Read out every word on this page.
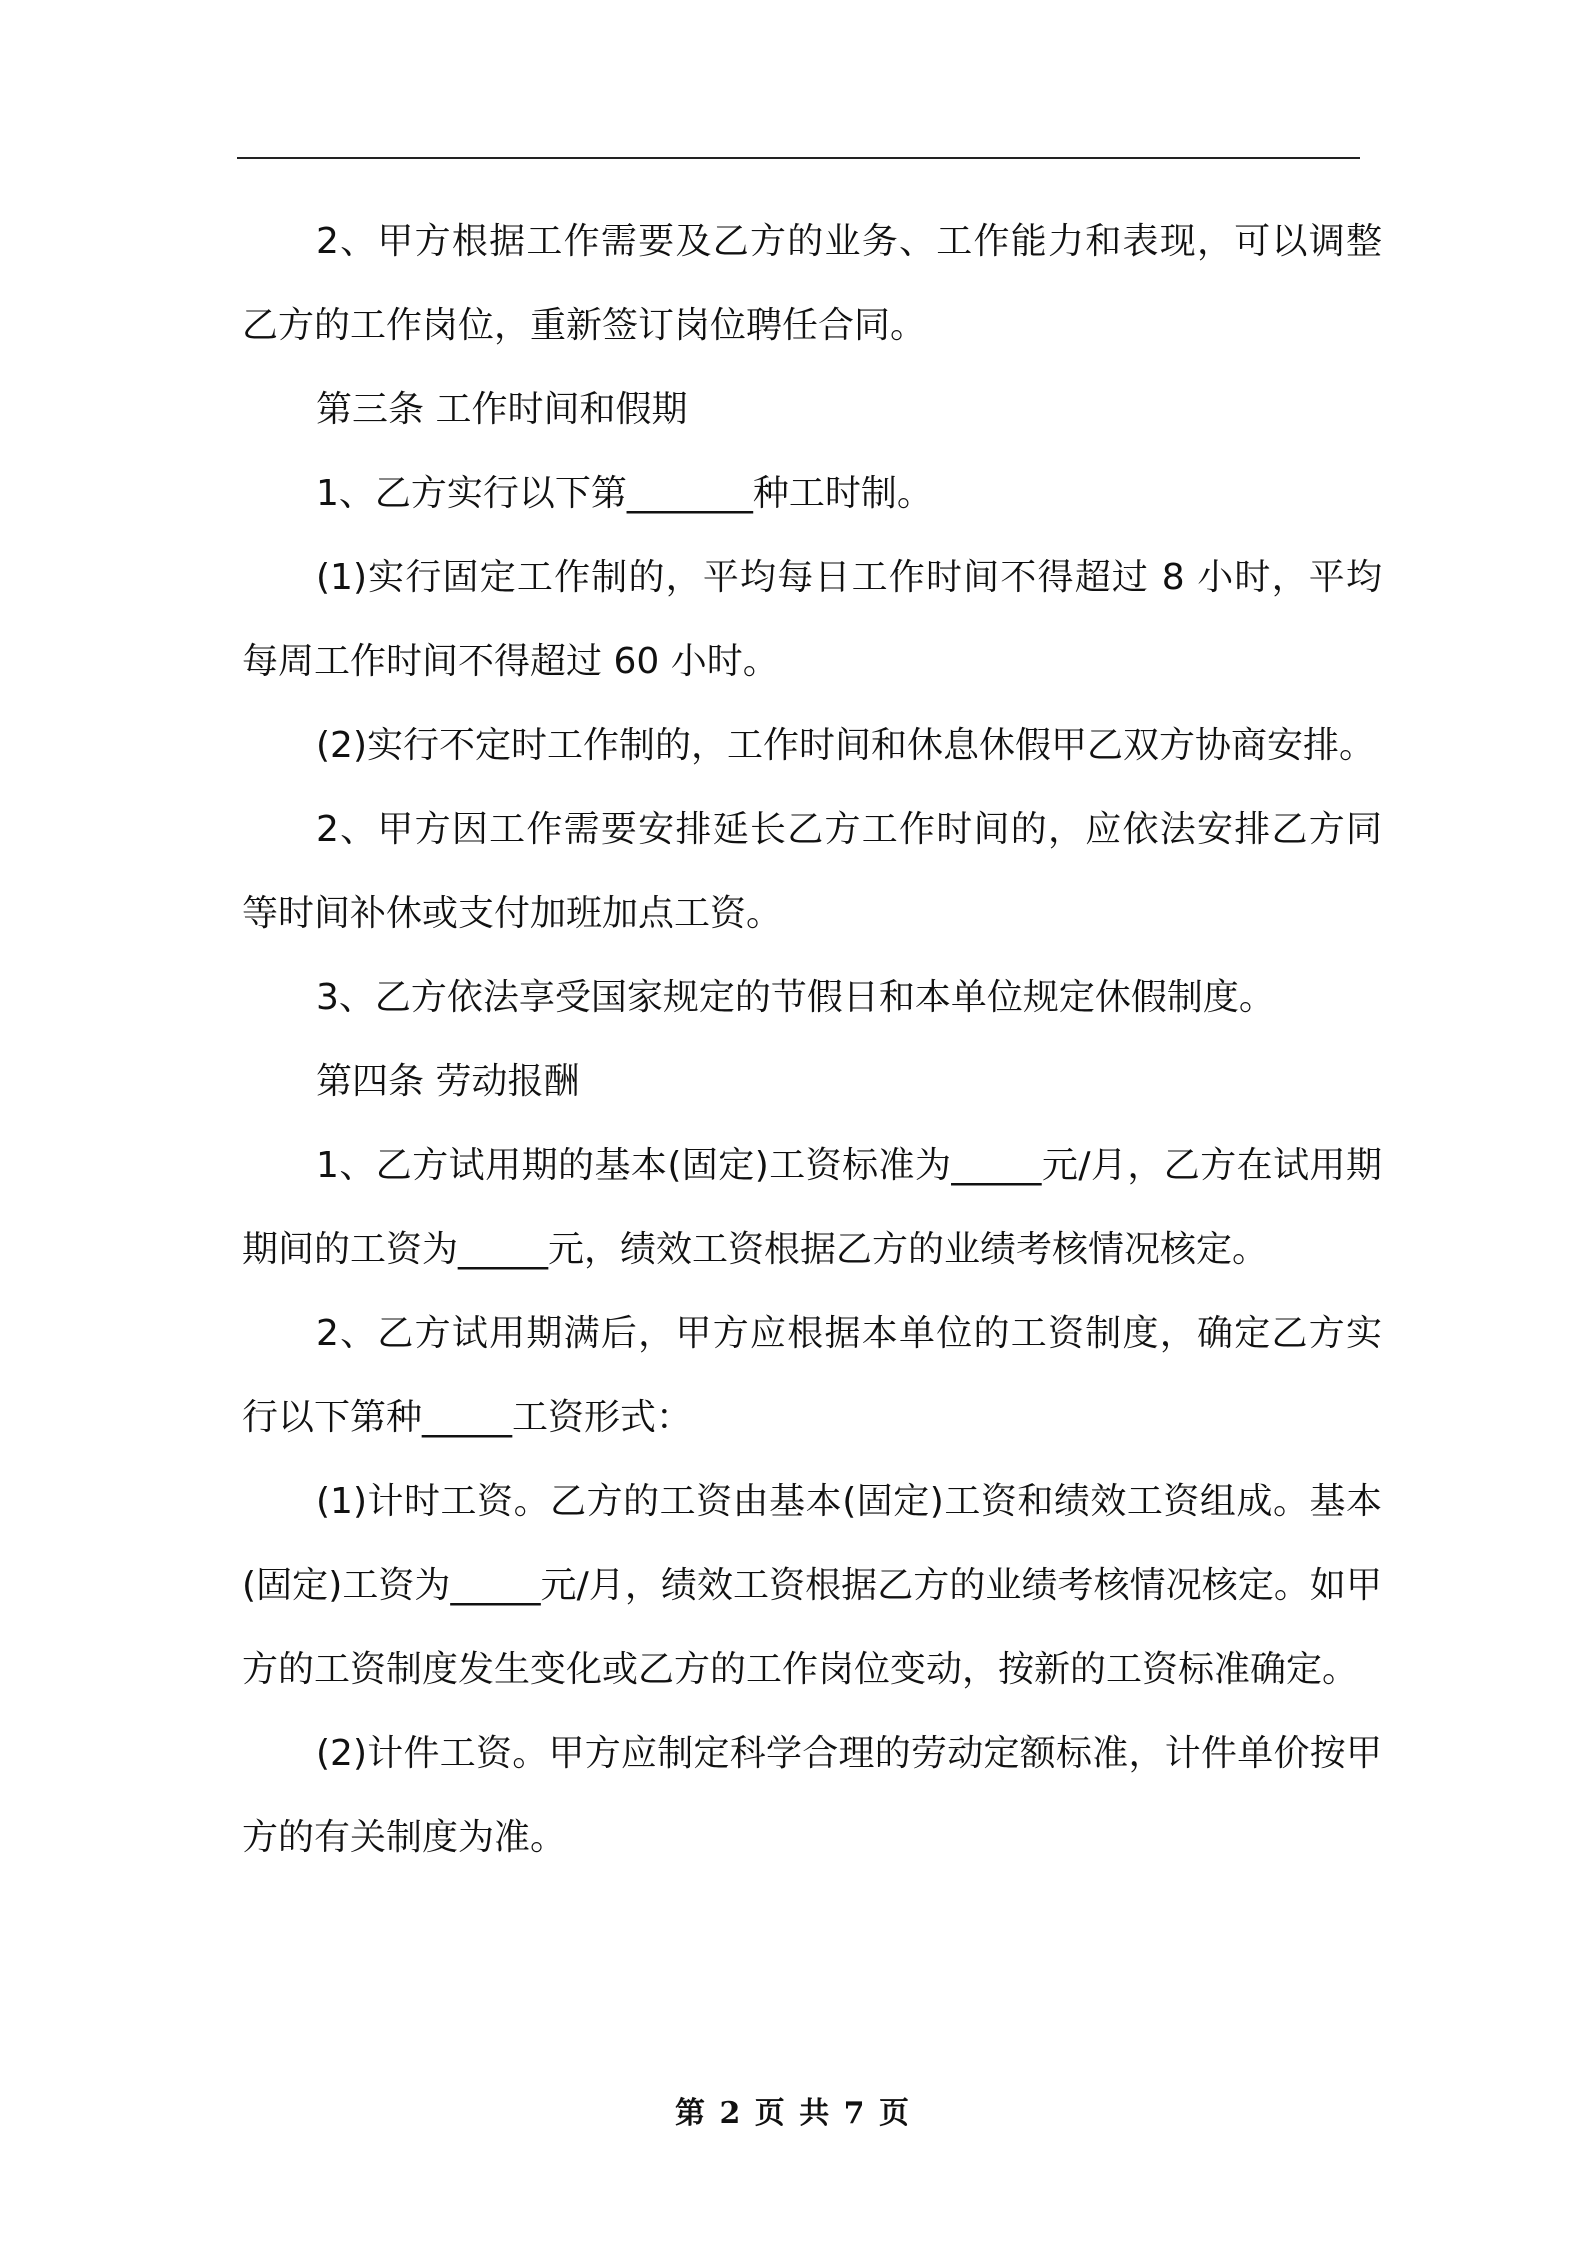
2、甲方根据工作需要及乙方的业务、工作能力和表现，可以调整乙方的工作岗位，重新签订岗位聘任合同。

第三条 工作时间和假期

1、乙方实行以下第_______种工时制。

(1)实行固定工作制的，平均每日工作时间不得超过 8 小时，平均每周工作时间不得超过 60 小时。

(2)实行不定时工作制的，工作时间和休息休假甲乙双方协商安排。

2、甲方因工作需要安排延长乙方工作时间的，应依法安排乙方同等时间补休或支付加班加点工资。

3、乙方依法享受国家规定的节假日和本单位规定休假制度。

第四条 劳动报酬

1、乙方试用期的基本(固定)工资标准为_____元/月，乙方在试用期期间的工资为_____元，绩效工资根据乙方的业绩考核情况核定。

2、乙方试用期满后，甲方应根据本单位的工资制度，确定乙方实行以下第种_____工资形式：

(1)计时工资。乙方的工资由基本(固定)工资和绩效工资组成。基本(固定)工资为_____元/月，绩效工资根据乙方的业绩考核情况核定。如甲方的工资制度发生变化或乙方的工作岗位变动，按新的工资标准确定。

(2)计件工资。甲方应制定科学合理的劳动定额标准，计件单价按甲方的有关制度为准。

第 2 页 共 7 页
